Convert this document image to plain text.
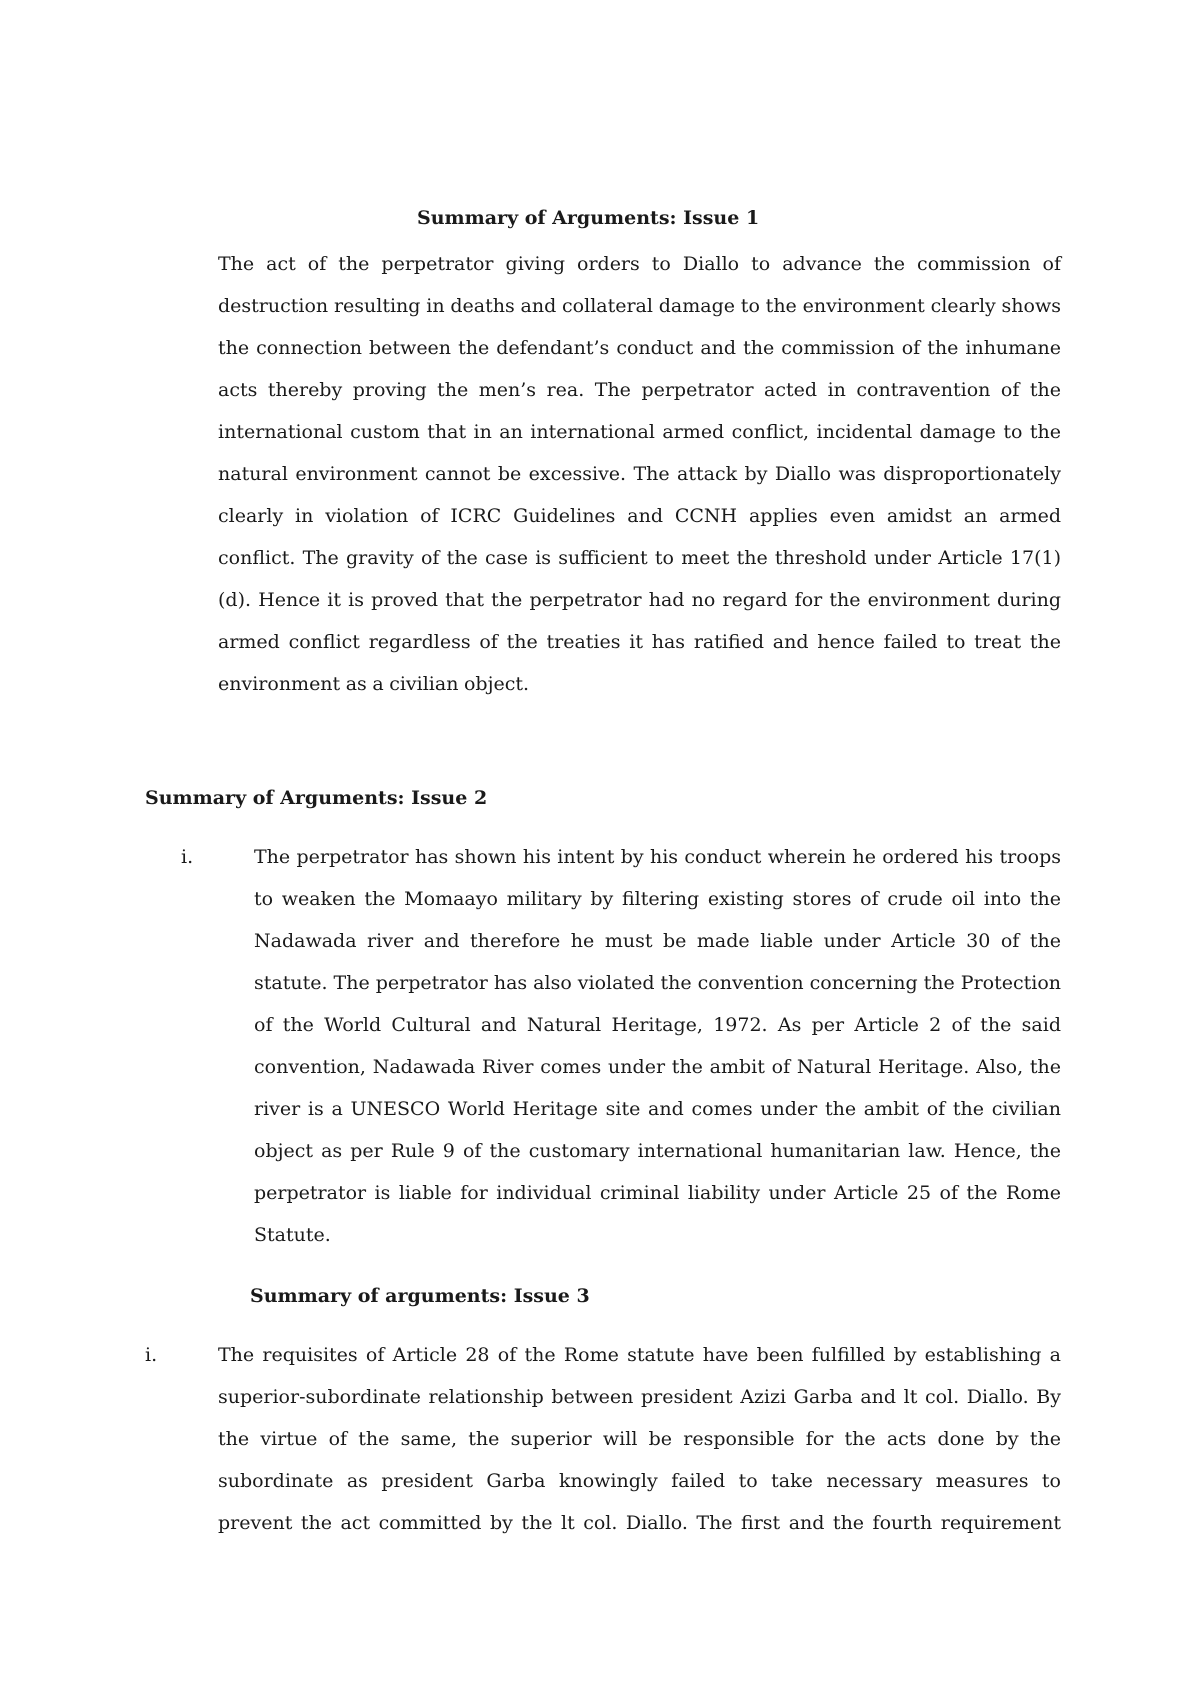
Summary of Arguments: Issue 1

The act of the perpetrator giving orders to Diallo to advance the commission of destruction resulting in deaths and collateral damage to the environment clearly shows the connection between the defendant’s conduct and the commission of the inhumane acts thereby proving the men’s rea. The perpetrator acted in contravention of the international custom that in an international armed conflict, incidental damage to the natural environment cannot be excessive. The attack by Diallo was disproportionately clearly in violation of ICRC Guidelines and CCNH applies even amidst an armed conflict. The gravity of the case is sufficient to meet the threshold under Article 17(1) (d). Hence it is proved that the perpetrator had no regard for the environment during armed conflict regardless of the treaties it has ratified and hence failed to treat the environment as a civilian object.

Summary of Arguments: Issue 2
i.	The perpetrator has shown his intent by his conduct wherein he ordered his troops to weaken the Momaayo military by filtering existing stores of crude oil into the Nadawada river and therefore he must be made liable under Article 30 of the statute. The perpetrator has also violated the convention concerning the Protection of the World Cultural and Natural Heritage, 1972. As per Article 2 of the said convention, Nadawada River comes under the ambit of Natural Heritage. Also, the river is a UNESCO World Heritage site and comes under the ambit of the civilian object as per Rule 9 of the customary international humanitarian law. Hence, the perpetrator is liable for individual criminal liability under Article 25 of the Rome Statute.

Summary of arguments: Issue 3
i.	The requisites of Article 28 of the Rome statute have been fulfilled by establishing a superior-subordinate relationship between president Azizi Garba and lt col. Diallo. By the virtue of the same, the superior will be responsible for the acts done by the subordinate as president Garba knowingly failed to take necessary measures to prevent the act committed by the lt col. Diallo. The first and the fourth requirement
